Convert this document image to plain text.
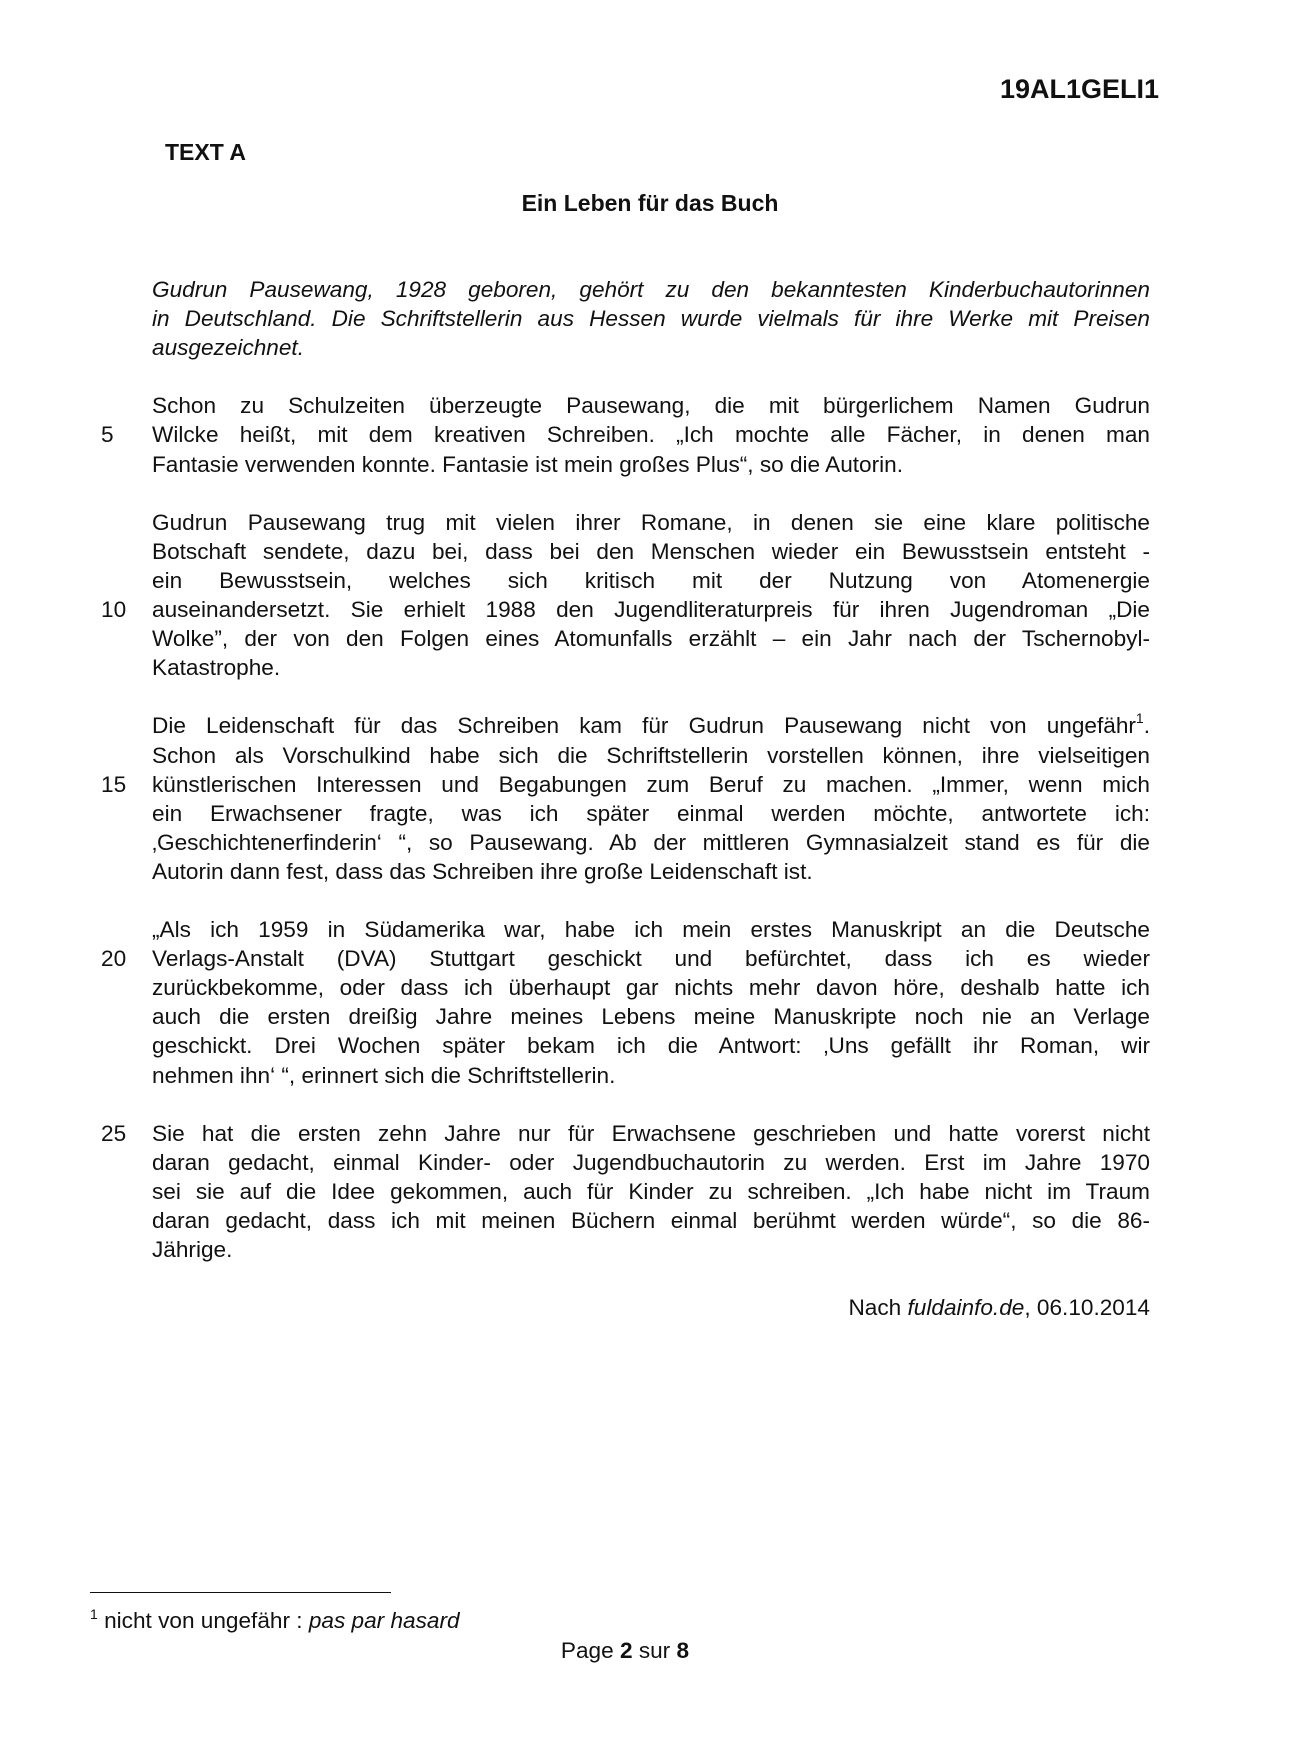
19AL1GELI1
TEXT A
Ein Leben für das Buch
Gudrun Pausewang, 1928 geboren, gehört zu den bekanntesten Kinderbuchautorinnen
in Deutschland. Die Schriftstellerin aus Hessen wurde vielmals für ihre Werke mit Preisen
ausgezeichnet.
Schon zu Schulzeiten überzeugte Pausewang, die mit bürgerlichem Namen Gudrun
5	Wilcke heißt, mit dem kreativen Schreiben. „Ich mochte alle Fächer, in denen man
Fantasie verwenden konnte. Fantasie ist mein großes Plus“, so die Autorin.
Gudrun Pausewang trug mit vielen ihrer Romane, in denen sie eine klare politische
Botschaft sendete, dazu bei, dass bei den Menschen wieder ein Bewusstsein entsteht -
ein Bewusstsein, welches sich kritisch mit der Nutzung von Atomenergie
10 auseinandersetzt. Sie erhielt 1988 den Jugendliteraturpreis für ihren Jugendroman „Die
Wolke”, der von den Folgen eines Atomunfalls erzählt – ein Jahr nach der Tschernobyl-
Katastrophe.
Die Leidenschaft für das Schreiben kam für Gudrun Pausewang nicht von ungefähr$^1$.
Schon als Vorschulkind habe sich die Schriftstellerin vorstellen können, ihre vielseitigen
15 künstlerischen Interessen und Begabungen zum Beruf zu machen. „Immer, wenn mich
ein Erwachsener fragte, was ich später einmal werden möchte, antwortete ich:
‚Geschichtenerfinderin‘ “, so Pausewang. Ab der mittleren Gymnasialzeit stand es für die
Autorin dann fest, dass das Schreiben ihre große Leidenschaft ist.
„Als ich 1959 in Südamerika war, habe ich mein erstes Manuskript an die Deutsche
20 Verlags-Anstalt (DVA) Stuttgart geschickt und befürchtet, dass ich es wieder
zurückbekomme, oder dass ich überhaupt gar nichts mehr davon höre, deshalb hatte ich
auch die ersten dreißig Jahre meines Lebens meine Manuskripte noch nie an Verlage
geschickt. Drei Wochen später bekam ich die Antwort: ‚Uns gefällt ihr Roman, wir
nehmen ihn‘ “, erinnert sich die Schriftstellerin.
25 Sie hat die ersten zehn Jahre nur für Erwachsene geschrieben und hatte vorerst nicht
daran gedacht, einmal Kinder- oder Jugendbuchautorin zu werden. Erst im Jahre 1970
sei sie auf die Idee gekommen, auch für Kinder zu schreiben. „Ich habe nicht im Traum
daran gedacht, dass ich mit meinen Büchern einmal berühmt werden würde“, so die 86-
Jährige.
Nach fuldainfo.de, 06.10.2014
$^1$ nicht von ungefähr : pas par hasard
Page 2 sur 8
